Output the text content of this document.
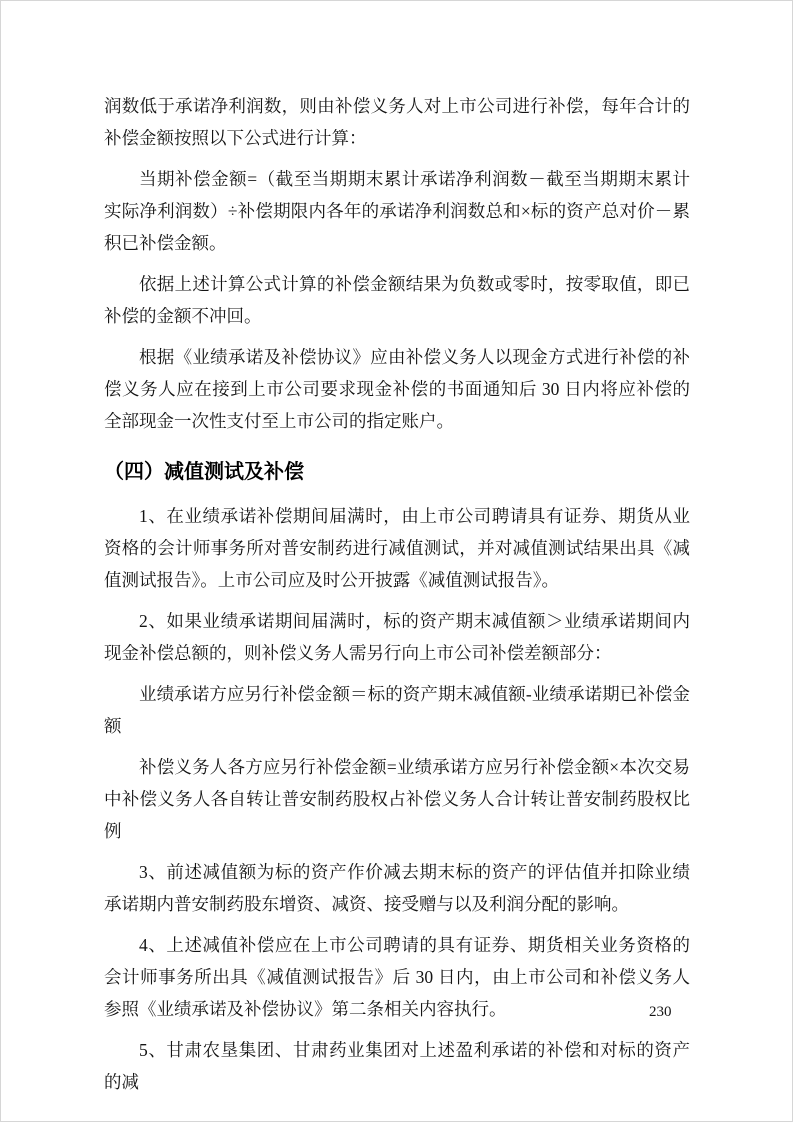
润数低于承诺净利润数，则由补偿义务人对上市公司进行补偿，每年合计的补偿金额按照以下公式进行计算：

当期补偿金额=（截至当期期末累计承诺净利润数－截至当期期末累计实际净利润数）÷补偿期限内各年的承诺净利润数总和×标的资产总对价－累积已补偿金额。

依据上述计算公式计算的补偿金额结果为负数或零时，按零取值，即已补偿的金额不冲回。

根据《业绩承诺及补偿协议》应由补偿义务人以现金方式进行补偿的补偿义务人应在接到上市公司要求现金补偿的书面通知后 30 日内将应补偿的全部现金一次性支付至上市公司的指定账户。

（四）减值测试及补偿

1、在业绩承诺补偿期间届满时，由上市公司聘请具有证券、期货从业资格的会计师事务所对普安制药进行减值测试，并对减值测试结果出具《减值测试报告》。上市公司应及时公开披露《减值测试报告》。

2、如果业绩承诺期间届满时，标的资产期末减值额＞业绩承诺期间内现金补偿总额的，则补偿义务人需另行向上市公司补偿差额部分：

业绩承诺方应另行补偿金额＝标的资产期末减值额-业绩承诺期已补偿金额

补偿义务人各方应另行补偿金额=业绩承诺方应另行补偿金额×本次交易中补偿义务人各自转让普安制药股权占补偿义务人合计转让普安制药股权比例

3、前述减值额为标的资产作价减去期末标的资产的评估值并扣除业绩承诺期内普安制药股东增资、减资、接受赠与以及利润分配的影响。

4、上述减值补偿应在上市公司聘请的具有证券、期货相关业务资格的会计师事务所出具《减值测试报告》后 30 日内，由上市公司和补偿义务人参照《业绩承诺及补偿协议》第二条相关内容执行。

5、甘肃农垦集团、甘肃药业集团对上述盈利承诺的补偿和对标的资产的减

230
